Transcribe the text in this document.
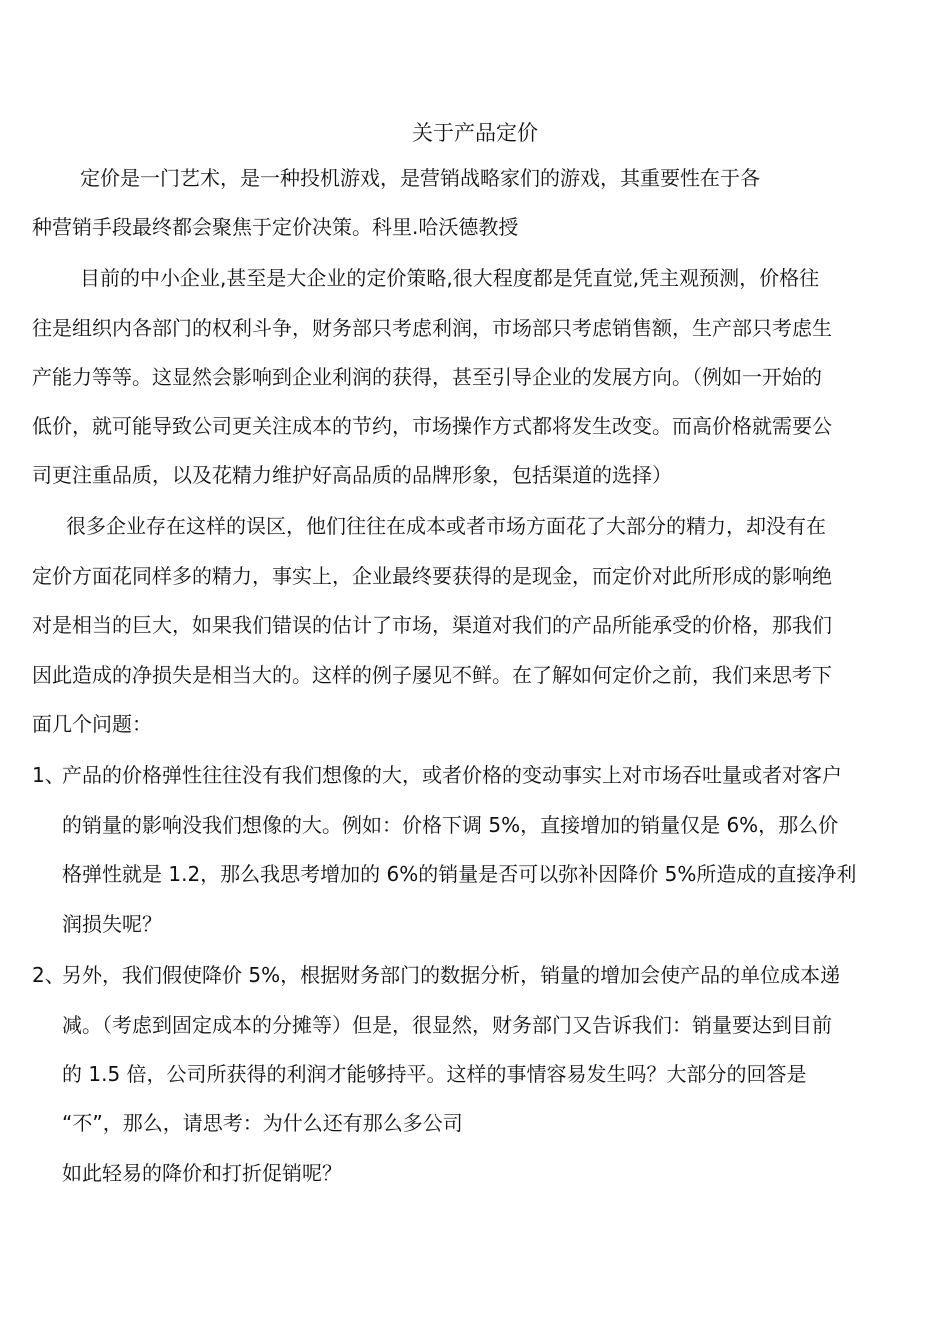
关于产品定价
定价是一门艺术，是一种投机游戏，是营销战略家们的游戏，其重要性在于各
种营销手段最终都会聚焦于定价决策。科里.哈沃德教授
目前的中小企业,甚至是大企业的定价策略,很大程度都是凭直觉,凭主观预测，价格往
往是组织内各部门的权利斗争，财务部只考虑利润，市场部只考虑销售额，生产部只考虑生
产能力等等。这显然会影响到企业利润的获得，甚至引导企业的发展方向。（例如一开始的
低价，就可能导致公司更关注成本的节约，市场操作方式都将发生改变。而高价格就需要公
司更注重品质，以及花精力维护好高品质的品牌形象，包括渠道的选择）
很多企业存在这样的误区，他们往往在成本或者市场方面花了大部分的精力，却没有在
定价方面花同样多的精力，事实上，企业最终要获得的是现金，而定价对此所形成的影响绝
对是相当的巨大，如果我们错误的估计了市场，渠道对我们的产品所能承受的价格，那我们
因此造成的净损失是相当大的。这样的例子屡见不鲜。在了解如何定价之前，我们来思考下
面几个问题：
1、
产品的价格弹性往往没有我们想像的大，或者价格的变动事实上对市场吞吐量或者对客户
的销量的影响没我们想像的大。例如：价格下调 5%，直接增加的销量仅是 6%，那么价
格弹性就是 1.2，那么我思考增加的 6%的销量是否可以弥补因降价 5%所造成的直接净利
润损失呢？
2、
另外，我们假使降价 5%，根据财务部门的数据分析，销量的增加会使产品的单位成本递
减。（考虑到固定成本的分摊等）但是，很显然，财务部门又告诉我们：销量要达到目前
的 1.5 倍，公司所获得的利润才能够持平。这样的事情容易发生吗？大部分的回答是
“不”，那么，请思考：为什么还有那么多公司
如此轻易的降价和打折促销呢？
